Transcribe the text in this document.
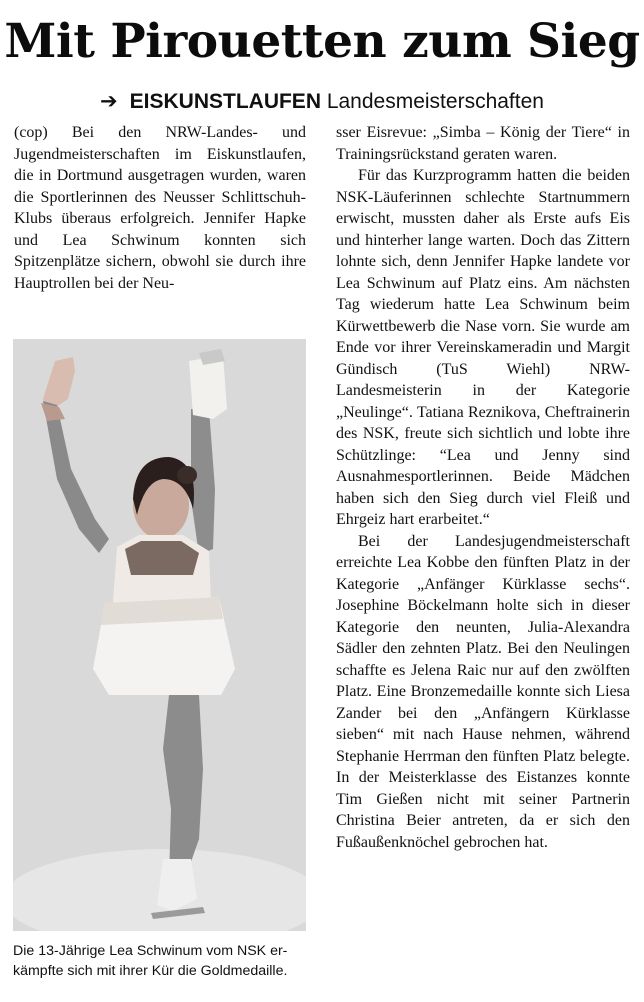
Mit Pirouetten zum Sieg
➔ EISKUNSTLAUFEN Landesmeisterschaften

(cop) Bei den NRW-Landes- und Jugendmeisterschaften im Eiskunstlaufen, die in Dortmund ausgetragen wurden, waren die Sportlerinnen des Neusser Schlittschuh-Klubs überaus erfolgreich. Jennifer Hapke und Lea Schwinum konnten sich Spitzenplätze sichern, obwohl sie durch ihre Hauptrollen bei der Neu-

Die 13-Jährige Lea Schwinum vom NSK er-
kämpfte sich mit ihrer Kür die Goldmedaille.

sser Eisrevue: „Simba – König der Tiere“ in Trainingsrückstand geraten waren.

Für das Kurzprogramm hatten die beiden NSK-Läuferinnen schlechte Startnummern erwischt, mussten daher als Erste aufs Eis und hinterher lange warten. Doch das Zittern lohnte sich, denn Jennifer Hapke landete vor Lea Schwinum auf Platz eins. Am nächsten Tag wiederum hatte Lea Schwinum beim Kürwettbewerb die Nase vorn. Sie wurde am Ende vor ihrer Vereinskameradin und Margit Gündisch (TuS Wiehl) NRW-Landesmeisterin in der Kategorie „Neulinge“. Tatiana Reznikova, Cheftrainerin des NSK, freute sich sichtlich und lobte ihre Schützlinge: “Lea und Jenny sind Ausnahmesportlerinnen. Beide Mädchen haben sich den Sieg durch viel Fleiß und Ehrgeiz hart erarbeitet.“

Bei der Landesjugendmeisterschaft erreichte Lea Kobbe den fünften Platz in der Kategorie „Anfänger Kürklasse sechs“. Josephine Böckelmann holte sich in dieser Kategorie den neunten, Julia-Alexandra Sädler den zehnten Platz. Bei den Neulingen schaffte es Jelena Raic nur auf den zwölften Platz. Eine Bronzemedaille konnte sich Liesa Zander bei den „Anfängern Kürklasse sieben“ mit nach Hause nehmen, während Stephanie Herrman den fünften Platz belegte. In der Meisterklasse des Eistanzes konnte Tim Gießen nicht mit seiner Partnerin Christina Beier antreten, da er sich den Fußaußenknöchel gebrochen hat.
